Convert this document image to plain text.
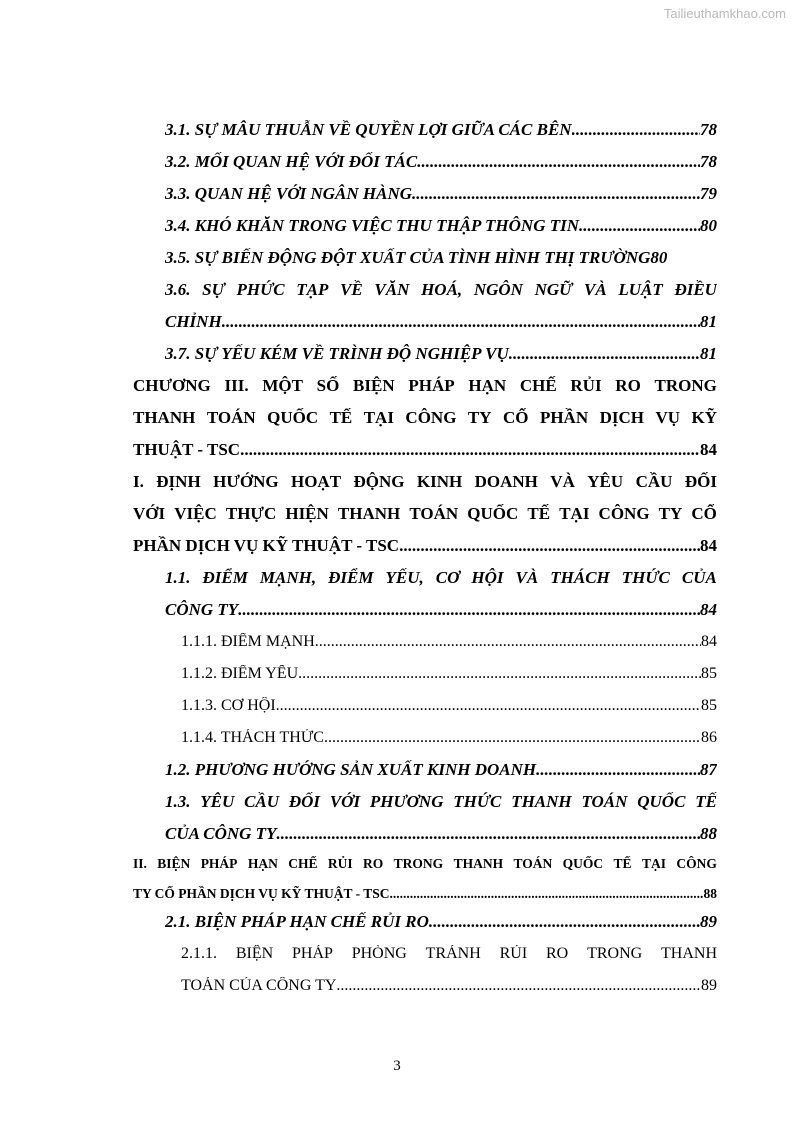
Tailieuthamkhao.com
3.1. SỰ MÂU THUẪN VỀ QUYỀN LỢI GIỮA CÁC BÊN .....	78
3.2. MỐI QUAN HỆ VỚI ĐỐI TÁC .....	78
3.3. QUAN HỆ VỚI NGÂN HÀNG .....	79
3.4. KHÓ KHĂN TRONG VIỆC THU THẬP THÔNG TIN .....	80
3.5. SỰ BIẾN ĐỘNG ĐỘT XUẤT CỦA TÌNH HÌNH THỊ TRƯỜNG 80
3.6. SỰ PHỨC TẠP VỀ VĂN HOÁ, NGÔN NGỮ VÀ LUẬT ĐIỀU
CHỈNH .....	81
3.7. SỰ YẾU KÉM VỀ TRÌNH ĐỘ NGHIỆP VỤ .....	81
CHƯƠNG III. MỘT SỐ BIỆN PHÁP HẠN CHẾ RỦI RO TRONG
THANH TOÁN QUỐC TẾ TẠI CÔNG TY CỔ PHẦN DỊCH VỤ KỸ
THUẬT - TSC .....	84
I. ĐỊNH HƯỚNG HOẠT ĐỘNG KINH DOANH VÀ YÊU CẦU ĐỐI
VỚI VIỆC THỰC HIỆN THANH TOÁN QUỐC TẾ TẠI CÔNG TY CỔ
PHẦN DỊCH VỤ KỸ THUẬT - TSC .....	84
1.1. ĐIỂM MẠNH, ĐIỂM YẾU, CƠ HỘI VÀ THÁCH THỨC CỦA
CÔNG TY .....	84
1.1.1. ĐIỂM MẠNH .....	84
1.1.2. ĐIỂM YẾU .....	85
1.1.3. CƠ HỘI .....	85
1.1.4. THÁCH THỨC .....	86
1.2. PHƯƠNG HƯỚNG SẢN XUẤT KINH DOANH .....	87
1.3. YÊU CẦU ĐỐI VỚI PHƯƠNG THỨC THANH TOÁN QUỐC TẾ
CỦA CÔNG TY .....	88
II. BIỆN PHÁP HẠN CHẾ RỦI RO TRONG THANH TOÁN QUỐC TẾ TẠI CÔNG
TY CỔ PHẦN DỊCH VỤ KỸ THUẬT - TSC .....	88
2.1. BIỆN PHÁP HẠN CHẾ RỦI RO .....	89
2.1.1. BIỆN PHÁP PHÒNG TRÁNH RỦI RO TRONG THANH
TOÁN CỦA CÔNG TY .....	89
3
